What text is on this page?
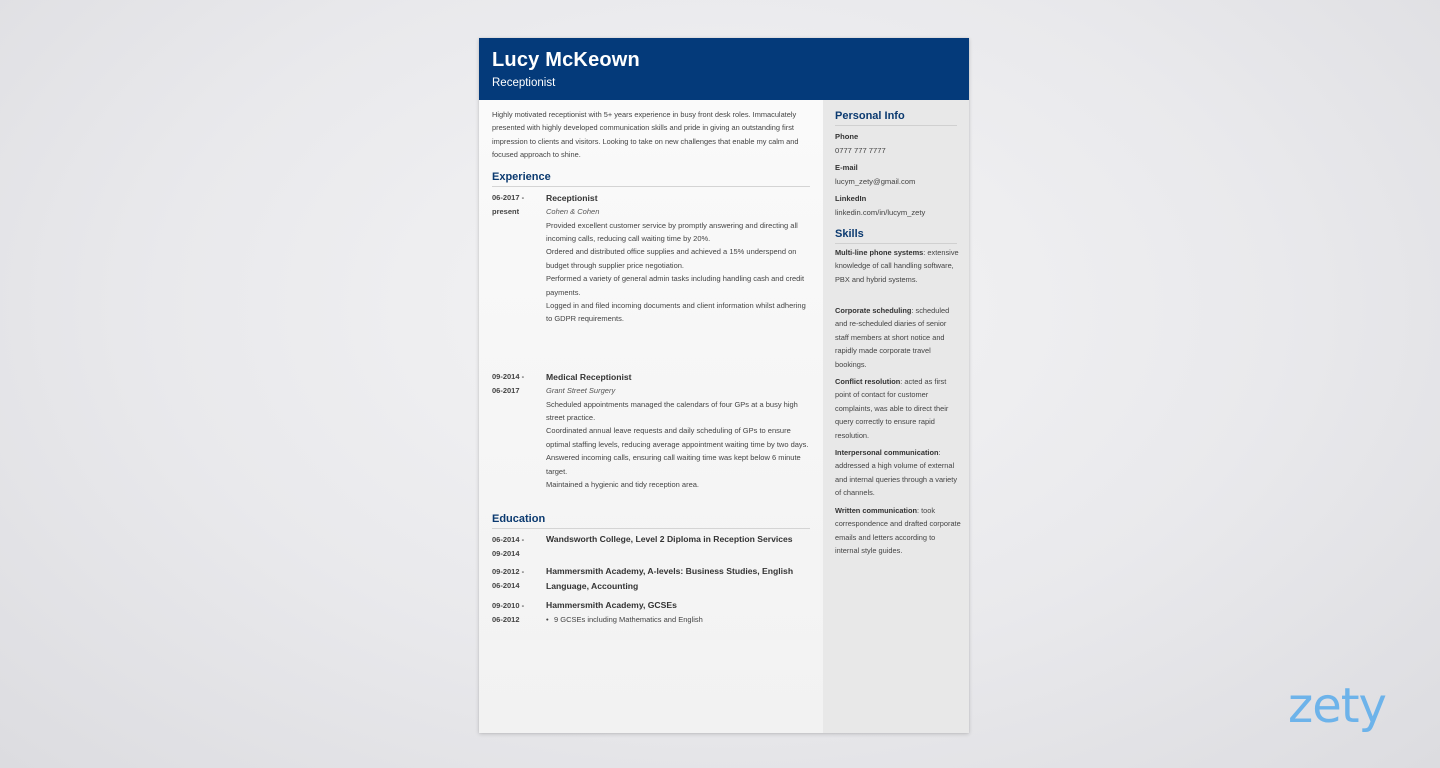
Lucy McKeown
Receptionist
Highly motivated receptionist with 5+ years experience in busy front desk roles. Immaculately presented with highly developed communication skills and pride in giving an outstanding first impression to clients and visitors. Looking to take on new challenges that enable my calm and focused approach to shine.
Experience
06-2017 -
present
Receptionist
Cohen & Cohen
Provided excellent customer service by promptly answering and directing all incoming calls, reducing call waiting time by 20%.
Ordered and distributed office supplies and achieved a 15% underspend on budget through supplier price negotiation.
Performed a variety of general admin tasks including handling cash and credit payments.
Logged in and filed incoming documents and client information whilst adhering to GDPR requirements.
09-2014 -
06-2017
Medical Receptionist
Grant Street Surgery
Scheduled appointments managed the calendars of four GPs at a busy high street practice.
Coordinated annual leave requests and daily scheduling of GPs to ensure optimal staffing levels, reducing average appointment waiting time by two days.
Answered incoming calls, ensuring call waiting time was kept below 6 minute target.
Maintained a hygienic and tidy reception area.
Education
06-2014 -
09-2014
Wandsworth College, Level 2 Diploma in Reception Services
09-2012 -
06-2014
Hammersmith Academy, A-levels: Business Studies, English Language, Accounting
09-2010 -
06-2012
Hammersmith Academy, GCSEs
• 9 GCSEs including Mathematics and English
Personal Info
Phone
0777 777 7777
E-mail
lucym_zety@gmail.com
LinkedIn
linkedin.com/in/lucym_zety
Skills
Multi-line phone systems: extensive knowledge of call handling software, PBX and hybrid systems.
Corporate scheduling: scheduled and re-scheduled diaries of senior staff members at short notice and rapidly made corporate travel bookings.
Conflict resolution: acted as first point of contact for customer complaints, was able to direct their query correctly to ensure rapid resolution.
Interpersonal communication: addressed a high volume of external and internal queries through a variety of channels.
Written communication: took correspondence and drafted corporate emails and letters according to internal style guides.
zety
